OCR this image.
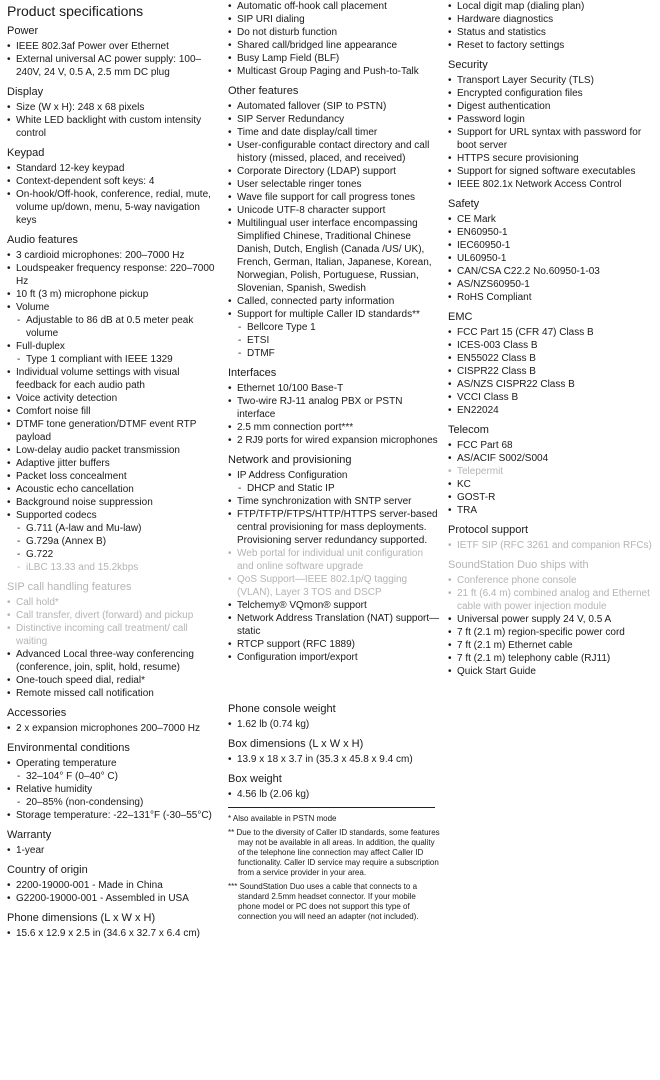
Product specifications
Power
• IEEE 802.3af Power over Ethernet
• External universal AC power supply: 100–240V, 24 V, 0.5 A, 2.5 mm DC plug
Display
• Size (W x H): 248 x 68 pixels
• White LED backlight with custom intensity control
Keypad
• Standard 12-key keypad
• Context-dependent soft keys: 4
• On-hook/Off-hook, conference, redial, mute, volume up/down, menu, 5-way navigation keys
Audio features
• 3 cardioid microphones: 200–7000 Hz
• Loudspeaker frequency response: 220–7000 Hz
• 10 ft (3 m) microphone pickup
• Volume
- Adjustable to 86 dB at 0.5 meter peak volume
• Full-duplex
- Type 1 compliant with IEEE 1329
• Individual volume settings with visual feedback for each audio path
• Voice activity detection
• Comfort noise fill
• DTMF tone generation/DTMF event RTP payload
• Low-delay audio packet transmission
• Adaptive jitter buffers
• Packet loss concealment
• Acoustic echo cancellation
• Background noise suppression
• Supported codecs
- G.711 (A-law and Mu-law)
- G.729a (Annex B)
- G.722
- iLBC 13.33 and 15.2kbps
SIP call handling features
• Call hold*
• Call transfer, divert (forward) and pickup
• Distinctive incoming call treatment/ call waiting
• Advanced Local three-way conferencing (conference, join, split, hold, resume)
• One-touch speed dial, redial*
• Remote missed call notification
Accessories
• 2 x expansion microphones 200–7000 Hz
Environmental conditions
• Operating temperature
- 32–104° F (0–40° C)
• Relative humidity
- 20–85% (non-condensing)
• Storage temperature: -22–131°F (-30–55°C)
Warranty
• 1-year
Country of origin
• 2200-19000-001 - Made in China
• G2200-19000-001 - Assembled in USA
Phone dimensions (L x W x H)
• 15.6 x 12.9 x 2.5 in (34.6 x 32.7 x 6.4 cm)
• Automatic off-hook call placement
• SIP URI dialing
• Do not disturb function
• Shared call/bridged line appearance
• Busy Lamp Field (BLF)
• Multicast Group Paging and Push-to-Talk
Other features
• Automated fallover (SIP to PSTN)
• SIP Server Redundancy
• Time and date display/call timer
• User-configurable contact directory and call history (missed, placed, and received)
• Corporate Directory (LDAP) support
• User selectable ringer tones
• Wave file support for call progress tones
• Unicode UTF-8 character support
• Multilingual user interface encompassing Simplified Chinese, Traditional Chinese Danish, Dutch, English (Canada /US/ UK), French, German, Italian, Japanese, Korean, Norwegian, Polish, Portuguese, Russian, Slovenian, Spanish, Swedish
• Called, connected party information
• Support for multiple Caller ID standards**
- Bellcore Type 1
- ETSI
- DTMF
Interfaces
• Ethernet 10/100 Base-T
• Two-wire RJ-11 analog PBX or PSTN interface
• 2.5 mm connection port***
• 2 RJ9 ports for wired expansion microphones
Network and provisioning
• IP Address Configuration
- DHCP and Static IP
• Time synchronization with SNTP server
• FTP/TFTP/FTPS/HTTP/HTTPS server-based central provisioning for mass deployments. Provisioning server redundancy supported.
• Web portal for individual unit configuration and online software upgrade
• QoS Support—IEEE 802.1p/Q tagging (VLAN), Layer 3 TOS and DSCP
• Telchemy® VQmon® support
• Network Address Translation (NAT) support—static
• RTCP support (RFC 1889)
• Configuration import/export
Phone console weight
• 1.62 lb (0.74 kg)
Box dimensions (L x W x H)
• 13.9 x 18 x 3.7 in (35.3 x 45.8 x 9.4 cm)
Box weight
• 4.56 lb (2.06 kg)

* Also available in PSTN mode

** Due to the diversity of Caller ID standards, some features may not be available in all areas. In addition, the quality of the telephone line connection may affect Caller ID functionality. Caller ID service may require a subscription from a service provider in your area.

*** SoundStation Duo uses a cable that connects to a standard 2.5mm headset connector. If your mobile phone model or PC does not support this type of connection you will need an adapter (not included).

• Local digit map (dialing plan)
• Hardware diagnostics
• Status and statistics
• Reset to factory settings
Security
• Transport Layer Security (TLS)
• Encrypted configuration files
• Digest authentication
• Password login
• Support for URL syntax with password for boot server
• HTTPS secure provisioning
• Support for signed software executables
• IEEE 802.1x Network Access Control
Safety
• CE Mark
• EN60950-1
• IEC60950-1
• UL60950-1
• CAN/CSA C22.2 No.60950-1-03
• AS/NZS60950-1
• RoHS Compliant
EMC
• FCC Part 15 (CFR 47) Class B
• ICES-003 Class B
• EN55022 Class B
• CISPR22 Class B
• AS/NZS CISPR22 Class B
• VCCI Class B
• EN22024
Telecom
• FCC Part 68
• AS/ACIF S002/S004
• Telepermit
• KC
• GOST-R
• TRA
Protocol support
• IETF SIP (RFC 3261 and companion RFCs)
SoundStation Duo ships with
• Conference phone console
• 21 ft (6.4 m) combined analog and Ethernet cable with power injection module
• Universal power supply 24 V, 0.5 A
• 7 ft (2.1 m) region-specific power cord
• 7 ft (2.1 m) Ethernet cable
• 7 ft (2.1 m) telephony cable (RJ11)
• Quick Start Guide
